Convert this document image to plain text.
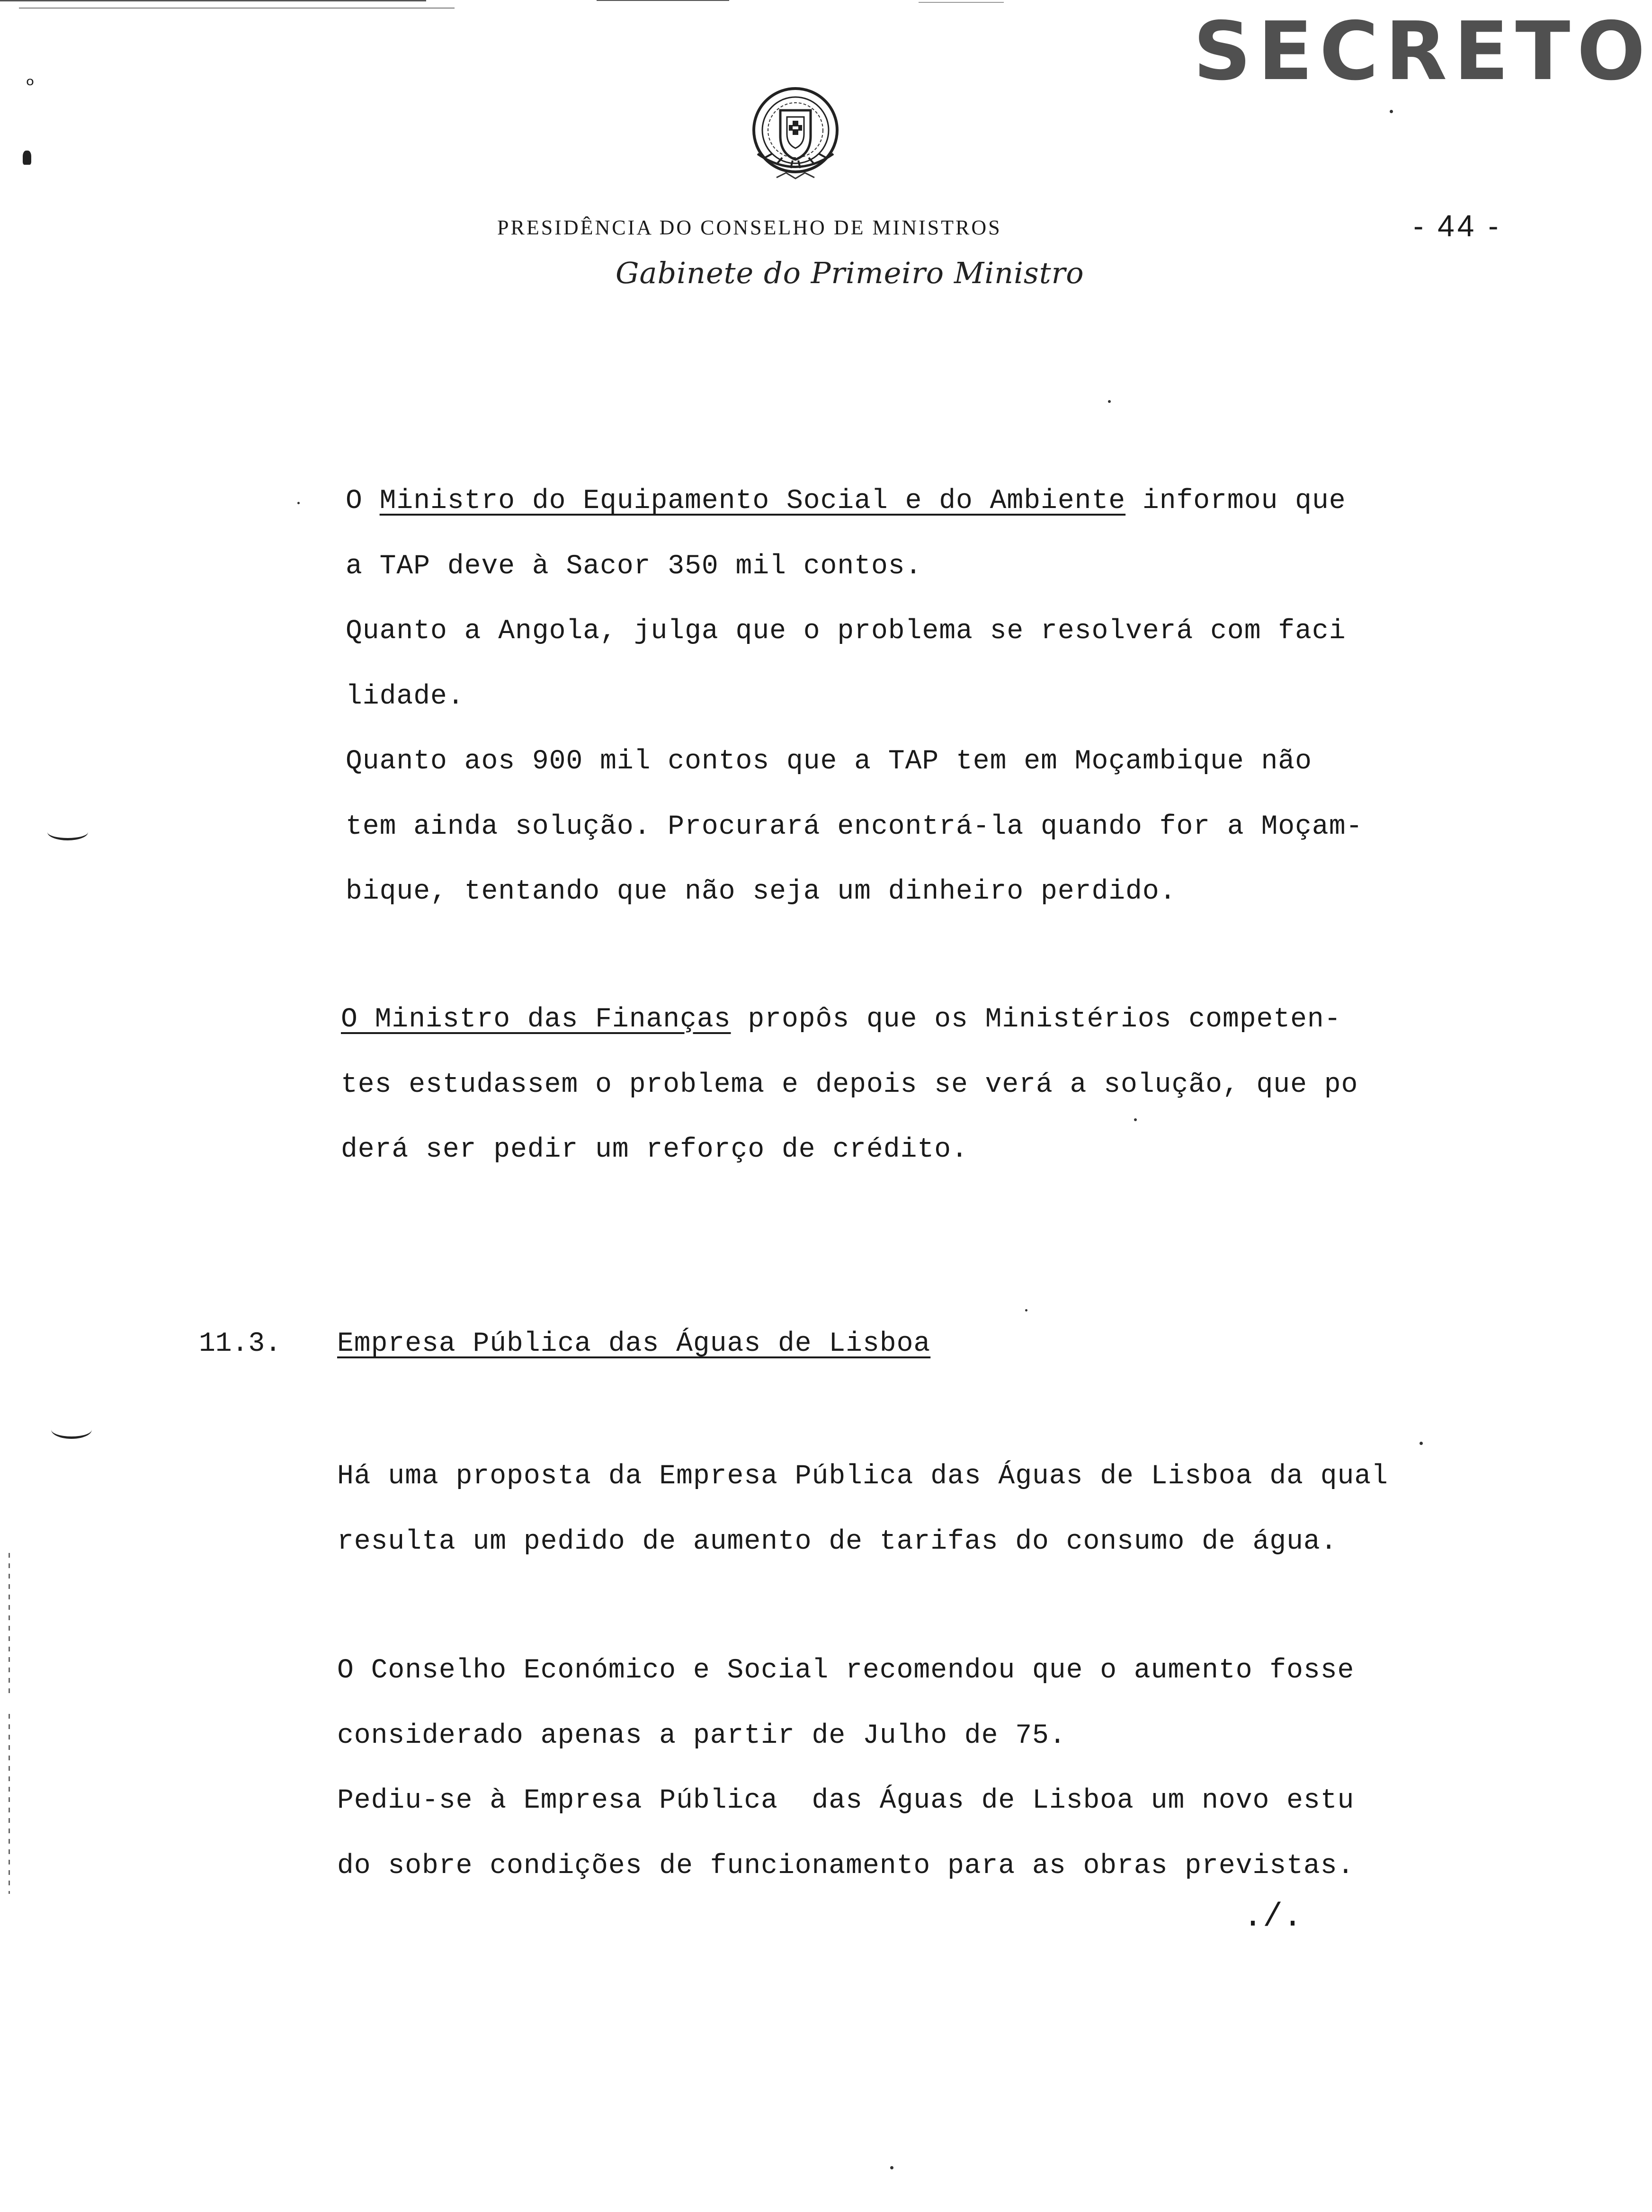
SECRETO
PRESIDÊNCIA DO CONSELHO DE MINISTROS
Gabinete do Primeiro Ministro
- 44 -
ₒ
O Ministro do Equipamento Social e do Ambiente informou que
a TAP deve à Sacor 350 mil contos.
Quanto a Angola, julga que o problema se resolverá com faci
lidade.
Quanto aos 900 mil contos que a TAP tem em Moçambique não
tem ainda solução. Procurará encontrá-la quando for a Moçam-
bique, tentando que não seja um dinheiro perdido.
O Ministro das Finanças propôs que os Ministérios competen-
tes estudassem o problema e depois se verá a solução, que po
derá ser pedir um reforço de crédito.
11.3. Empresa Pública das Águas de Lisboa
Há uma proposta da Empresa Pública das Águas de Lisboa da qual
resulta um pedido de aumento de tarifas do consumo de água.
O Conselho Económico e Social recomendou que o aumento fosse
considerado apenas a partir de Julho de 75.
Pediu-se à Empresa Pública  das Águas de Lisboa um novo estu
do sobre condições de funcionamento para as obras previstas.
./.
